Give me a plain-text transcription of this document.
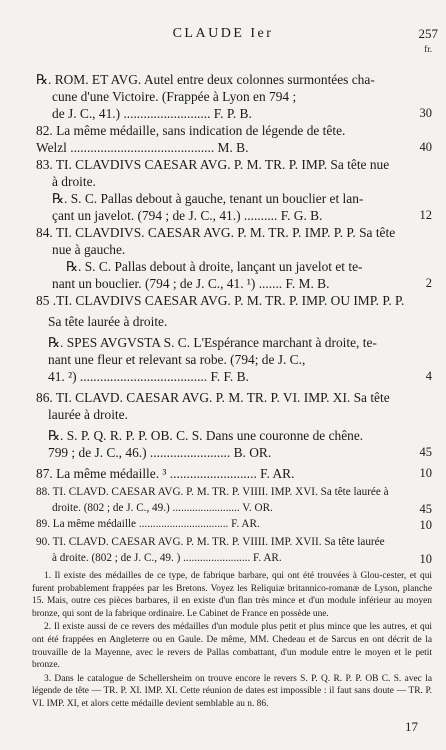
CLAUDE Ier	257
fr.
℞. ROM. ET AVG. Autel entre deux colonnes surmontées cha-
cune d'une Victoire. (Frappée à Lyon en 794 ;
de J. C., 41.) .......................... F. P. B.
82. La même médaille, sans indication de légende de tête.
Welzl ........................................... M. B.
83. TI. CLAVDIVS CAESAR AVG. P. M. TR. P. IMP. Sa tête nue
à droite.
℞. S. C. Pallas debout à gauche, tenant un bouclier et lan-
çant un javelot. (794 ; de J. C., 41.) .......... F. G. B.
84. TI. CLAVDIVS. CAESAR AVG. P. M. TR. P. IMP. P. P. Sa tête
nue à gauche.
℞. S. C. Pallas debout à droite, lançant un javelot et te-
nant un bouclier. (794 ; de J. C., 41. ¹) ....... F. M. B.
85 .TI. CLAVDIVS CAESAR AVG. P. M. TR. P. IMP. OU IMP. P. P.
Sa tête laurée à droite.
℞. SPES AVGVSTA S. C. L'Espérance marchant à droite, te-
nant une fleur et relevant sa robe. (794; de J. C.,
41. ²) ...................................... F. F. B.
86. TI. CLAVD. CAESAR AVG. P. M. TR. P. VI. IMP. XI. Sa tête
laurée à droite.
℞. S. P. Q. R. P. P. OB. C. S. Dans une couronne de chêne.
799 ; de J. C., 46.) ........................ B. OR.
87. La même médaille. ³ .......................... F. AR.
88. TI. CLAVD. CAESAR AVG. P. M. TR. P. VIIII. IMP. XVI. Sa tête laurée à
droite. (802 ; de J. C., 49.) ........................ V. OR.
89. La même médaille ................................ F. AR.
90. TI. CLAVD. CAESAR AVG. P. M. TR. P. VIIII. IMP. XVII. Sa tête laurée
à droite. (802 ; de J. C., 49. ) ........................ F. AR.
30
40
12
2
4
45
10
45
10
10

1. Il existe des médailles de ce type, de fabrique barbare, qui ont été trouvées à Glou-cester, et qui furent probablement frappées par les Bretons. Voyez les Reliquiæ britannico-romanæ de Lyson, planche 15. Mais, outre ces pièces barbares, il en existe d'un flan très mince et d'un module inférieur au moyen bronze, qui sont de la fabrique ordinaire. Le Cabinet de France en possède une.

2. Il existe aussi de ce revers des médailles d'un module plus petit et plus mince que les autres, et qui ont été frappées en Angleterre ou en Gaule. De même, MM. Chedeau et de Sarcus en ont décrit de la trouvaille de la Mayenne, avec le revers de Pallas combattant, d'un module entre le moyen et le petit bronze.

3. Dans le catalogue de Schellersheim on trouve encore le revers S. P. Q. R. P. P. OB C. S. avec la légende de tête — TR. P. XI. IMP. XI. Cette réunion de dates est impossible : il faut sans doute — TR. P. VI. IMP. XI, et alors cette médaille devient semblable au n. 86.

17
